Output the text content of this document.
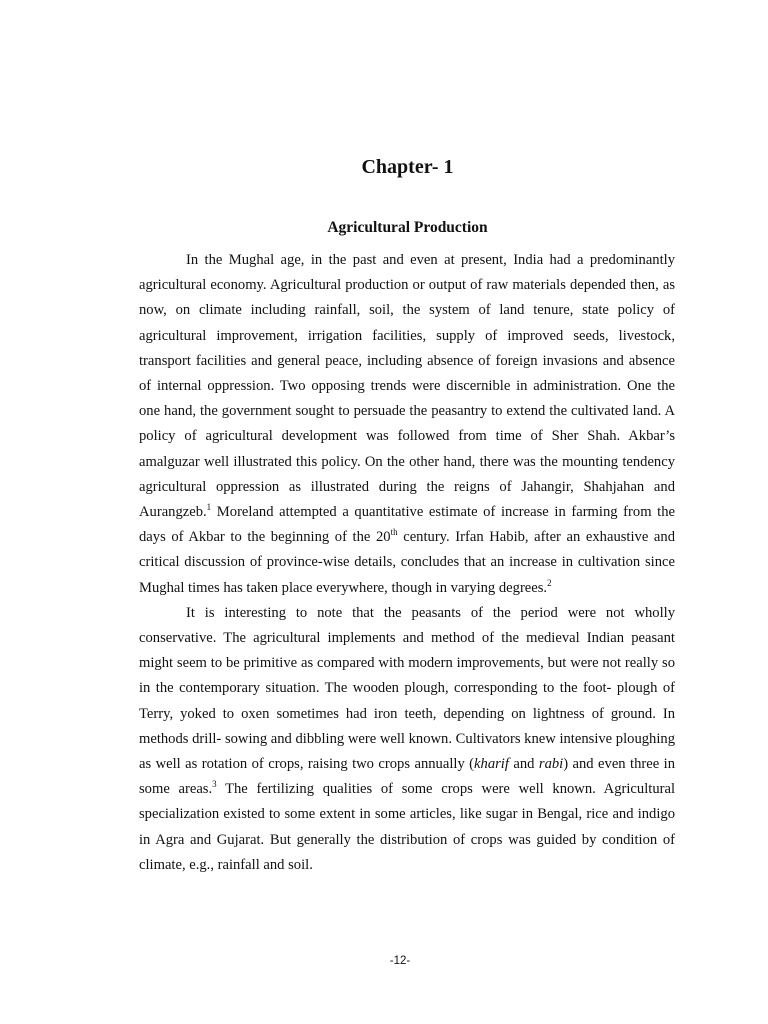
Chapter- 1
Agricultural Production

In the Mughal age, in the past and even at present, India had a predominantly agricultural economy. Agricultural production or output of raw materials depended then, as now, on climate including rainfall, soil, the system of land tenure, state policy of agricultural improvement, irrigation facilities, supply of improved seeds, livestock, transport facilities and general peace, including absence of foreign invasions and absence of internal oppression. Two opposing trends were discernible in administration. One the one hand, the government sought to persuade the peasantry to extend the cultivated land. A policy of agricultural development was followed from time of Sher Shah. Akbar’s amalguzar well illustrated this policy. On the other hand, there was the mounting tendency agricultural oppression as illustrated during the reigns of Jahangir, Shahjahan and Aurangzeb.$^1$ Moreland attempted a quantitative estimate of increase in farming from the days of Akbar to the beginning of the 20th century. Irfan Habib, after an exhaustive and critical discussion of province-wise details, concludes that an increase in cultivation since Mughal times has taken place everywhere, though in varying degrees.$^2$

It is interesting to note that the peasants of the period were not wholly conservative. The agricultural implements and method of the medieval Indian peasant might seem to be primitive as compared with modern improvements, but were not really so in the contemporary situation. The wooden plough, corresponding to the foot- plough of Terry, yoked to oxen sometimes had iron teeth, depending on lightness of ground. In methods drill- sowing and dibbling were well known. Cultivators knew intensive ploughing as well as rotation of crops, raising two crops annually (kharif and rabi) and even three in some areas.$^3$ The fertilizing qualities of some crops were well known. Agricultural specialization existed to some extent in some articles, like sugar in Bengal, rice and indigo in Agra and Gujarat. But generally the distribution of crops was guided by condition of climate, e.g., rainfall and soil.

-12-
